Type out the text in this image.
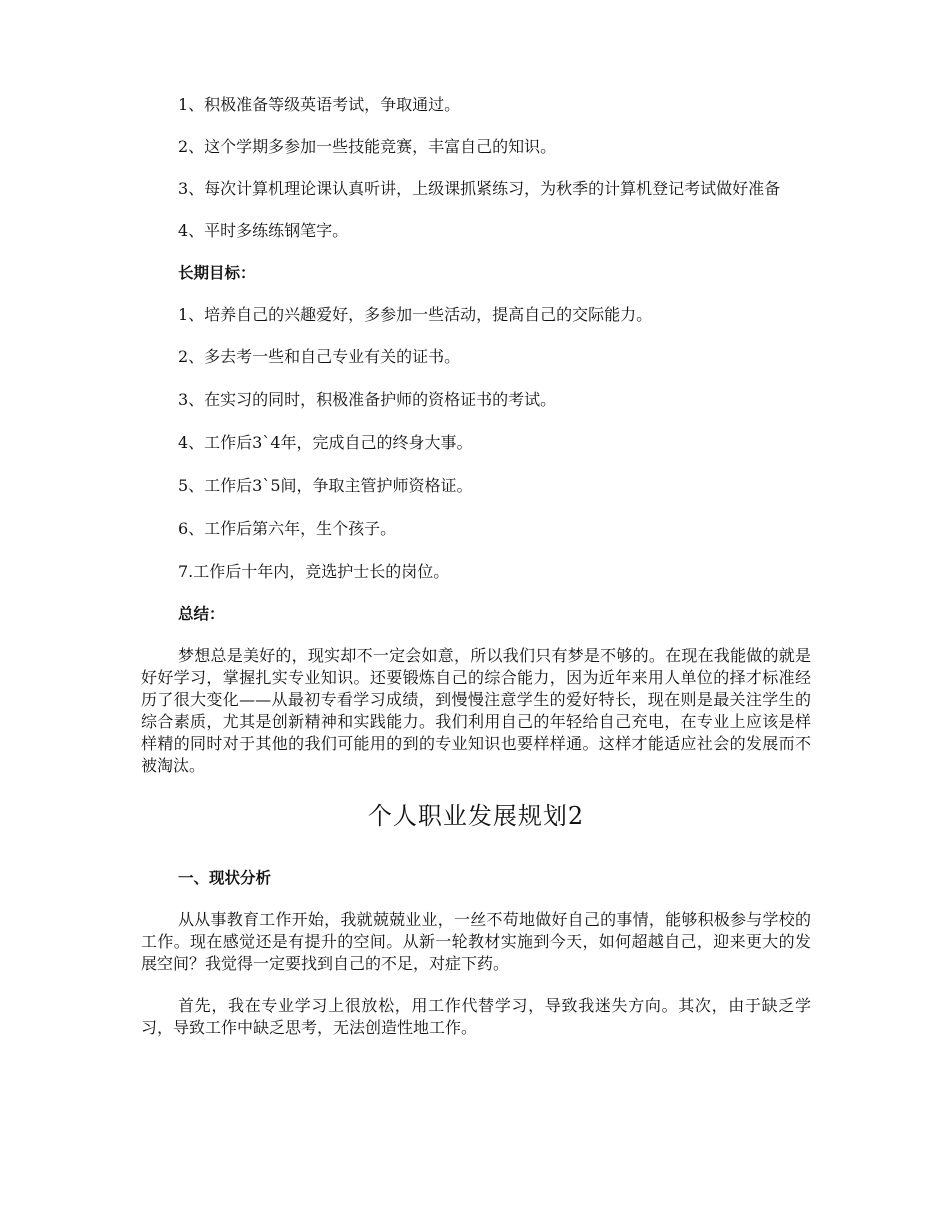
1、积极准备等级英语考试，争取通过。

2、这个学期多参加一些技能竞赛，丰富自己的知识。

3、每次计算机理论课认真听讲，上级课抓紧练习，为秋季的计算机登记考试做好准备

4、平时多练练钢笔字。

长期目标：

1、培养自己的兴趣爱好，多参加一些活动，提高自己的交际能力。

2、多去考一些和自己专业有关的证书。

3、在实习的同时，积极准备护师的资格证书的考试。

4、工作后3`4年，完成自己的终身大事。

5、工作后3`5间，争取主管护师资格证。

6、工作后第六年，生个孩子。

7.工作后十年内，竞选护士长的岗位。

总结：

梦想总是美好的，现实却不一定会如意，所以我们只有梦是不够的。在现在我能做的就是好好学习，掌握扎实专业知识。还要锻炼自己的综合能力，因为近年来用人单位的择才标准经历了很大变化——从最初专看学习成绩，到慢慢注意学生的爱好特长，现在则是最关注学生的综合素质，尤其是创新精神和实践能力。我们利用自己的年轻给自己充电，在专业上应该是样样精的同时对于其他的我们可能用的到的专业知识也要样样通。这样才能适应社会的发展而不被淘汰。

个人职业发展规划2

一、现状分析

从从事教育工作开始，我就兢兢业业，一丝不苟地做好自己的事情，能够积极参与学校的工作。现在感觉还是有提升的空间。从新一轮教材实施到今天，如何超越自己，迎来更大的发展空间？我觉得一定要找到自己的不足，对症下药。

首先，我在专业学习上很放松，用工作代替学习，导致我迷失方向。其次，由于缺乏学习，导致工作中缺乏思考，无法创造性地工作。
